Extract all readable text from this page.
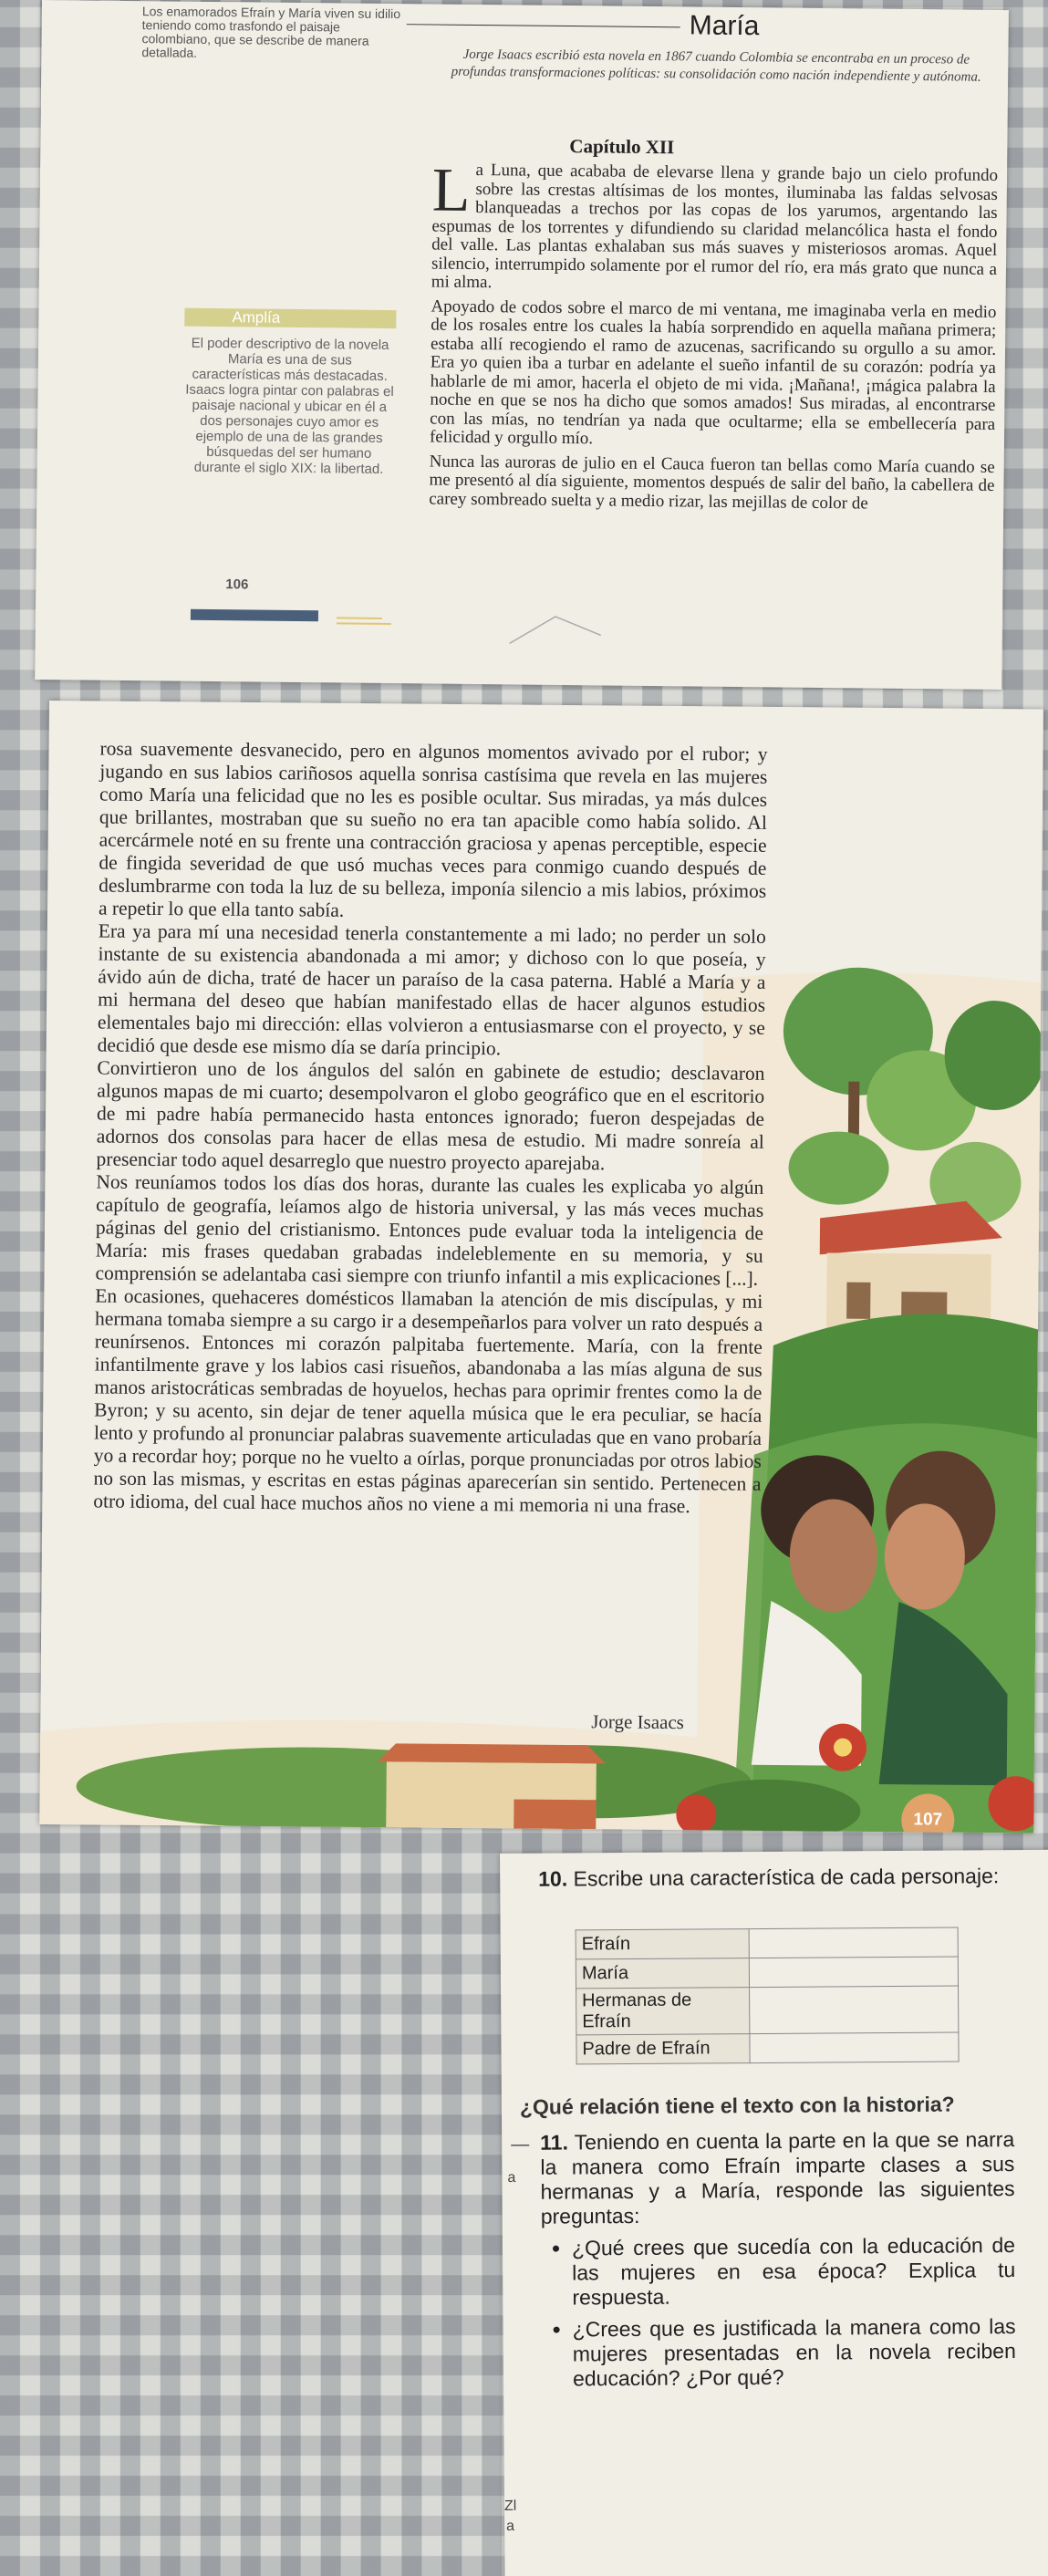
Los enamorados Efraín y María viven su idilio teniendo como trasfondo el paisaje colombiano, que se describe de manera detallada.
María
Jorge Isaacs escribió esta novela en 1867 cuando Colombia se encontraba en un proceso de profundas transformaciones políticas: su consolidación como nación independiente y autónoma.
Capítulo XII

La Luna, que acababa de elevarse llena y grande bajo un cielo profundo sobre las crestas altísimas de los montes, iluminaba las faldas selvosas blanqueadas a trechos por las copas de los yarumos, argentando las espumas de los torrentes y difundiendo su claridad melancólica hasta el fondo del valle. Las plantas exhalaban sus más suaves y misteriosos aromas. Aquel silencio, interrumpido solamente por el rumor del río, era más grato que nunca a mi alma.

Apoyado de codos sobre el marco de mi ventana, me imaginaba verla en medio de los rosales entre los cuales la había sorprendido en aquella mañana primera; estaba allí recogiendo el ramo de azucenas, sacrificando su orgullo a su amor. Era yo quien iba a turbar en adelante el sueño infantil de su corazón: podría ya hablarle de mi amor, hacerla el objeto de mi vida. ¡Mañana!, ¡mágica palabra la noche en que se nos ha dicho que somos amados! Sus miradas, al encontrarse con las mías, no tendrían ya nada que ocultarme; ella se embellecería para felicidad y orgullo mío.

Nunca las auroras de julio en el Cauca fueron tan bellas como María cuando se me presentó al día siguiente, momentos después de salir del baño, la cabellera de carey sombreado suelta y a medio rizar, las mejillas de color de

Amplía
El poder descriptivo de la novela María es una de sus características más destacadas. Isaacs logra pintar con palabras el paisaje nacional y ubicar en él a dos personajes cuyo amor es ejemplo de una de las grandes búsquedas del ser humano durante el siglo XIX: la libertad.
106

rosa suavemente desvanecido, pero en algunos momentos avivado por el rubor; y jugando en sus labios cariñosos aquella sonrisa castísima que revela en las mujeres como María una felicidad que no les es posible ocultar. Sus miradas, ya más dulces que brillantes, mostraban que su sueño no era tan apacible como había solido. Al acercármele noté en su frente una contracción graciosa y apenas perceptible, especie de fingida severidad de que usó muchas veces para conmigo cuando después de deslumbrarme con toda la luz de su belleza, imponía silencio a mis labios, próximos a repetir lo que ella tanto sabía.

Era ya para mí una necesidad tenerla constantemente a mi lado; no perder un solo instante de su existencia abandonada a mi amor; y dichoso con lo que poseía, y ávido aún de dicha, traté de hacer un paraíso de la casa paterna. Hablé a María y a mi hermana del deseo que habían manifestado ellas de hacer algunos estudios elementales bajo mi dirección: ellas volvieron a entusiasmarse con el proyecto, y se decidió que desde ese mismo día se daría principio.

Convirtieron uno de los ángulos del salón en gabinete de estudio; desclavaron algunos mapas de mi cuarto; desempolvaron el globo geográfico que en el escritorio de mi padre había permanecido hasta entonces ignorado; fueron despejadas de adornos dos consolas para hacer de ellas mesa de estudio. Mi madre sonreía al presenciar todo aquel desarreglo que nuestro proyecto aparejaba.

Nos reuníamos todos los días dos horas, durante las cuales les explicaba yo algún capítulo de geografía, leíamos algo de historia universal, y las más veces muchas páginas del genio del cristianismo. Entonces pude evaluar toda la inteligencia de María: mis frases quedaban grabadas indeleblemente en su memoria, y su comprensión se adelantaba casi siempre con triunfo infantil a mis explicaciones [...].

En ocasiones, quehaceres domésticos llamaban la atención de mis discípulas, y mi hermana tomaba siempre a su cargo ir a desempeñarlos para volver un rato después a reunírsenos. Entonces mi corazón palpitaba fuertemente. María, con la frente infantilmente grave y los labios casi risueños, abandonaba a las mías alguna de sus manos aristocráticas sembradas de hoyuelos, hechas para oprimir frentes como la de Byron; y su acento, sin dejar de tener aquella música que le era peculiar, se hacía lento y profundo al pronunciar palabras suavemente articuladas que en vano probaría yo a recordar hoy; porque no he vuelto a oírlas, porque pronunciadas por otros labios no son las mismas, y escritas en estas páginas aparecerían sin sentido. Pertenecen a otro idioma, del cual hace muchos años no viene a mi memoria ni una frase.

Jorge Isaacs
107
10. Escribe una característica de cada personaje:
Efraín	
María	
Hermanas de Efraín	
Padre de Efraín	
¿Qué relación tiene el texto con la historia?
11. Teniendo en cuenta la parte en la que se narra la manera como Efraín imparte clases a sus hermanas y a María, responde las siguientes preguntas:
• ¿Qué crees que sucedía con la educación de las mujeres en esa época? Explica tu respuesta.
• ¿Crees que es justificada la manera como las mujeres presentadas en la novela reciben educación? ¿Por qué?
a
Zl
a
